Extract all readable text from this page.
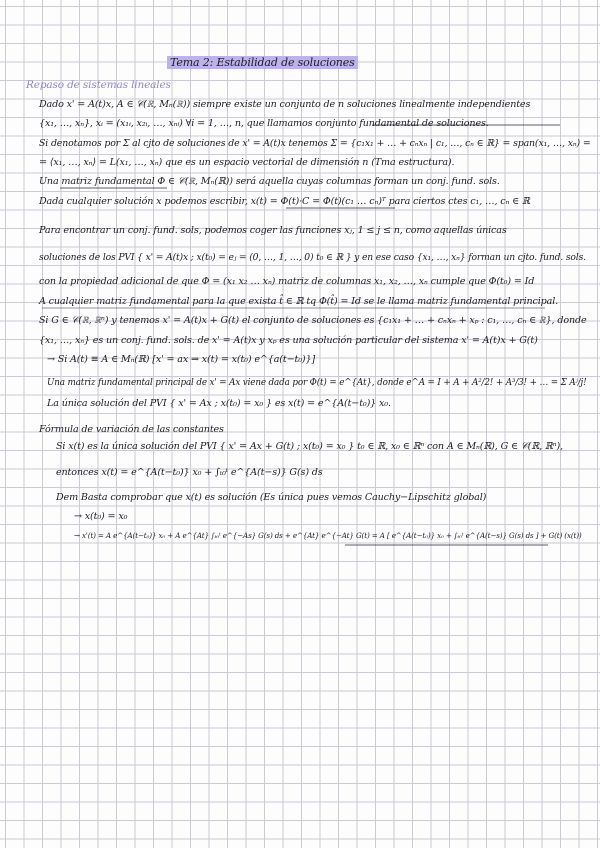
Tema 2: Estabilidad de soluciones
Repaso de sistemas lineales
Dado x' = A(t)x, A ∈ 𝒞(ℝ, Mₙ(ℝ)) siempre existe un conjunto de n soluciones linealmente independientes
{x₁, …, xₙ}, xᵢ = (x₁ᵢ, x₂ᵢ, …, xₙᵢ) ∀i = 1, …, n, que llamamos conjunto fundamental de soluciones.
Si denotamos por Σ al cjto de soluciones de x' = A(t)x tenemos Σ = {c₁x₁ + … + cₙxₙ | c₁, …, cₙ ∈ ℝ} = span(x₁, …, xₙ) =
= ⟨x₁, …, xₙ⟩ = L(x₁, …, xₙ) que es un espacio vectorial de dimensión n (Tma estructura).
Una matriz fundamental Φ ∈ 𝒞(ℝ, Mₙ(ℝ)) será aquella cuyas columnas forman un conj. fund. sols.
Dada cualquier solución x podemos escribir, x(t) = Φ(t)·C = Φ(t)(c₁ … cₙ)ᵀ para ciertos ctes c₁, …, cₙ ∈ ℝ
Para encontrar un conj. fund. sols, podemos coger las funciones xⱼ, 1 ≤ j ≤ n, como aquellas únicas
soluciones de los PVI { x' = A(t)x ; x(t₀) = eⱼ = (0, …, 1, …, 0) t₀ ∈ ℝ } y en ese caso {x₁, …, xₙ} forman un cjto. fund. sols.
con la propiedad adicional de que Φ = (x₁ x₂ … xₙ) matriz de columnas x₁, x₂, …, xₙ cumple que Φ(t₀) = Id
A cualquier matriz fundamental para la que exista t̂ ∈ ℝ tq Φ(t̂) = Id se le llama matriz fundamental principal.
Si G ∈ 𝒞(ℝ, ℝⁿ) y tenemos x' = A(t)x + G(t) el conjunto de soluciones es {c₁x₁ + … + cₙxₙ + xₚ : c₁, …, cₙ ∈ ℝ}, donde
{x₁, …, xₙ} es un conj. fund. sols. de x' = A(t)x y xₚ es una solución particular del sistema x' = A(t)x + G(t)
→ Si A(t) ≡ A ∈ Mₙ(ℝ) [x' = ax ⇒ x(t) = x(t₀) e^{a(t−t₀)}]
Una matriz fundamental principal de x' = Ax viene dada por Φ(t) = e^{At}, donde e^A = I + A + A²/2! + A³/3! + … = Σ Aʲ/j!
La única solución del PVI { x' = Ax ; x(t₀) = x₀ } es x(t) = e^{A(t−t₀)} x₀.
Fórmula de variación de las constantes
Si x(t) es la única solución del PVI { x' = Ax + G(t) ; x(t₀) = x₀ } t₀ ∈ ℝ, x₀ ∈ ℝⁿ con A ∈ Mₙ(ℝ), G ∈ 𝒞(ℝ, ℝⁿ),
entonces x(t) = e^{A(t−t₀)} x₀ + ∫ₜ₀ᵗ e^{A(t−s)} G(s) ds
Dem Basta comprobar que x(t) es solución (Es única pues vemos Cauchy−Lipschitz global)
→ x(t₀) = x₀
→ x'(t) = A e^{A(t−t₀)} x₀ + A e^{At} ∫ₜ₀ᵗ e^{−As} G(s) ds + e^{At} e^{−At} G(t) = A [ e^{A(t−t₀)} x₀ + ∫ₜ₀ᵗ e^{A(t−s)} G(s) ds ] + G(t) (x(t))
